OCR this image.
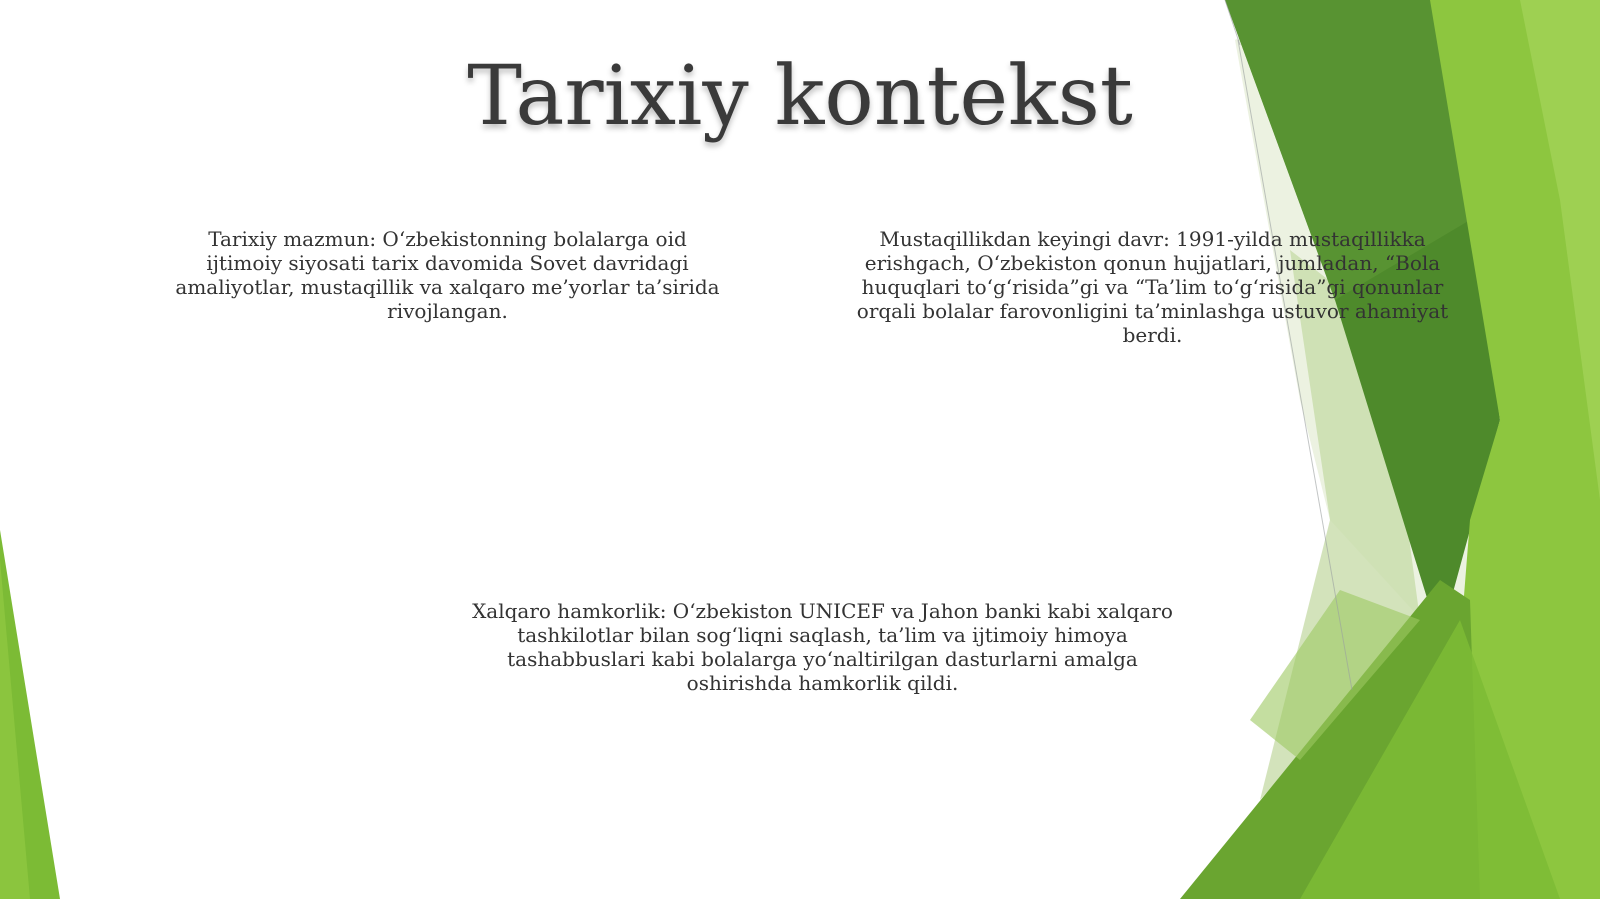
Tarixiy kontekst
Tarixiy mazmun: O‘zbekistonning bolalarga oid ijtimoiy siyosati tarix davomida Sovet davridagi amaliyotlar, mustaqillik va xalqaro me’yorlar ta’sirida rivojlangan.
Mustaqillikdan keyingi davr: 1991-yilda mustaqillikka erishgach, O‘zbekiston qonun hujjatlari, jumladan, “Bola huquqlari to‘g‘risida”gi va “Ta’lim to‘g‘risida”gi qonunlar orqali bolalar farovonligini ta’minlashga ustuvor ahamiyat berdi.
Xalqaro hamkorlik: O‘zbekiston UNICEF va Jahon banki kabi xalqaro tashkilotlar bilan sog‘liqni saqlash, ta’lim va ijtimoiy himoya tashabbuslari kabi bolalarga yo‘naltirilgan dasturlarni amalga oshirishda hamkorlik qildi.
